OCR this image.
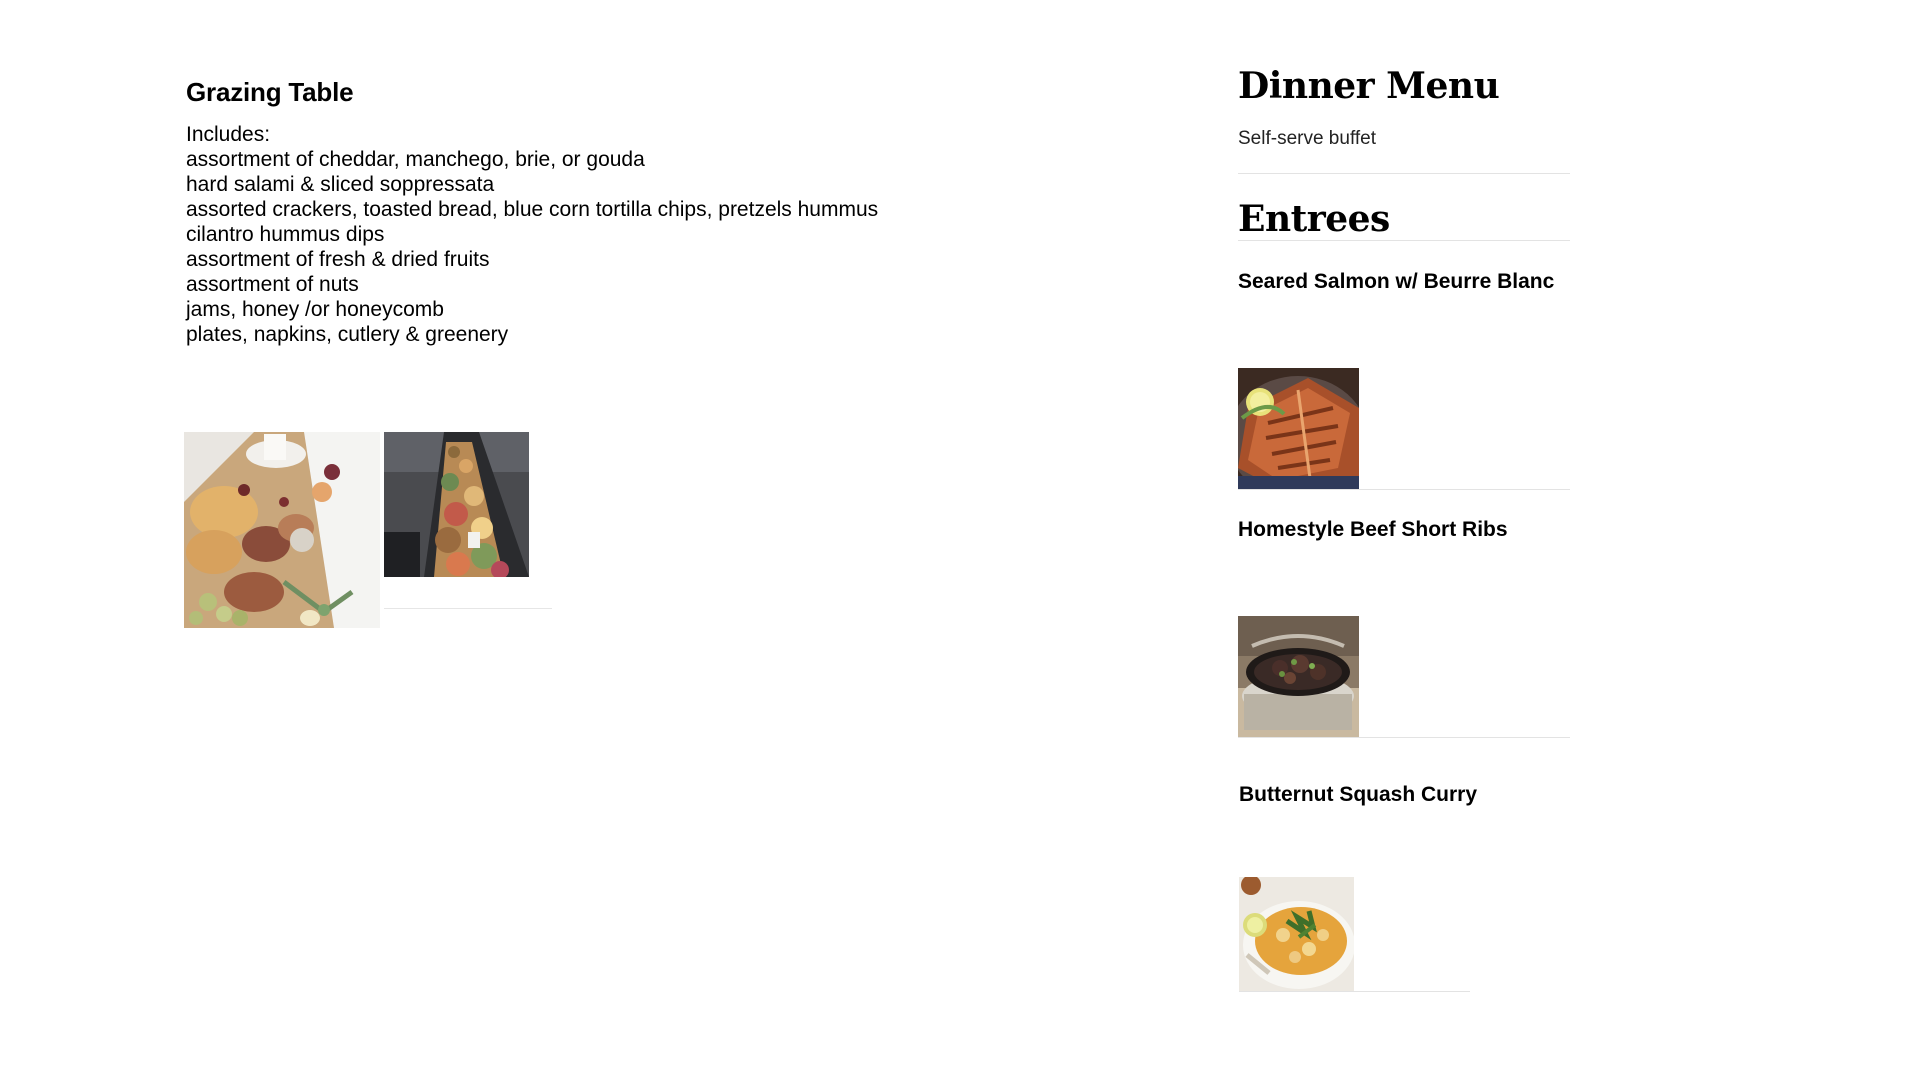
Grazing Table
Includes:
assortment of cheddar, manchego, brie, or gouda
hard salami & sliced soppressata
assorted crackers, toasted bread, blue corn tortilla chips, pretzels hummus
cilantro hummus dips
assortment of fresh & dried fruits
assortment of nuts
jams, honey /or honeycomb
plates, napkins, cutlery & greenery
Dinner Menu
Self-serve buffet
Entrees
Seared Salmon w/ Beurre Blanc
Homestyle Beef Short Ribs
Butternut Squash Curry
